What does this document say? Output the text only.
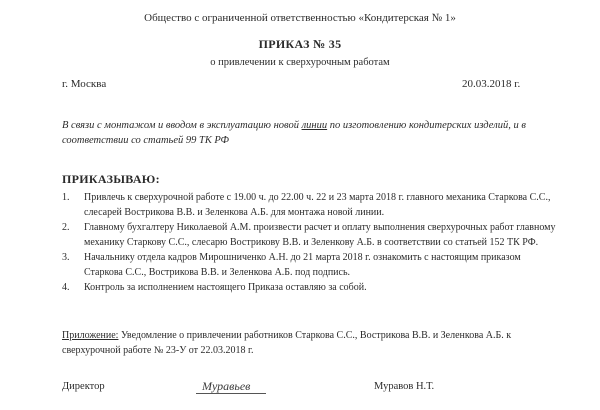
Общество с ограниченной ответственностью «Кондитерская № 1»
ПРИКАЗ № 35
о привлечении к сверхурочным работам
г. Москва	20.03.2018 г.
В связи с монтажом и вводом в эксплуатацию новой линии по изготовлению кондитерских изделий, и в соответствии со статьей 99 ТК РФ
ПРИКАЗЫВАЮ:
1. Привлечь к сверхурочной работе с 19.00 ч. до 22.00 ч. 22 и 23 марта 2018 г. главного механика Старкова С.С., слесарей Вострикова В.В. и Зеленкова А.Б. для монтажа новой линии.
2. Главному бухгалтеру Николаевой А.М. произвести расчет и оплату выполнения сверхурочных работ главному механику Старкову С.С., слесарю Вострикову В.В. и Зеленкову А.Б. в соответствии со статьей 152 ТК РФ.
3. Начальнику отдела кадров Мирошниченко А.Н. до 21 марта 2018 г. ознакомить с настоящим приказом Старкова С.С., Вострикова В.В. и Зеленкова А.Б. под подпись.
4. Контроль за исполнением настоящего Приказа оставляю за собой.
Приложение: Уведомление о привлечении работников Старкова С.С., Вострикова В.В. и Зеленкова А.Б. к сверхурочной работе № 23-У от 22.03.2018 г.
Директор	Муравьев	Муравов Н.Т.
